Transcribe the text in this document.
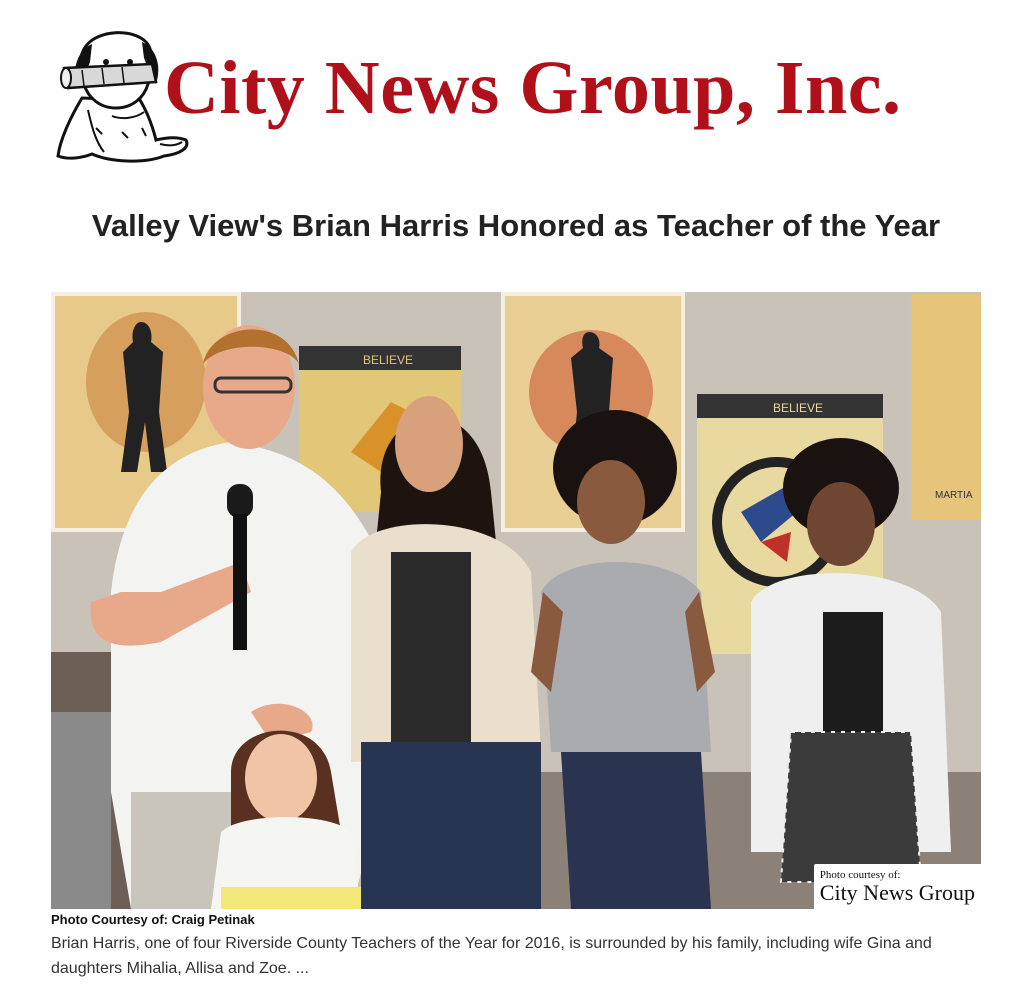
City News Group, Inc.
Valley View's Brian Harris Honored as Teacher of the Year
BELIEVE
BELIEVE
MARTIA
Photo courtesy of:
City News Group
Photo Courtesy of: Craig Petinak

Brian Harris, one of four Riverside County Teachers of the Year for 2016, is surrounded by his family, including wife Gina and daughters Mihalia, Allisa and Zoe. ...
